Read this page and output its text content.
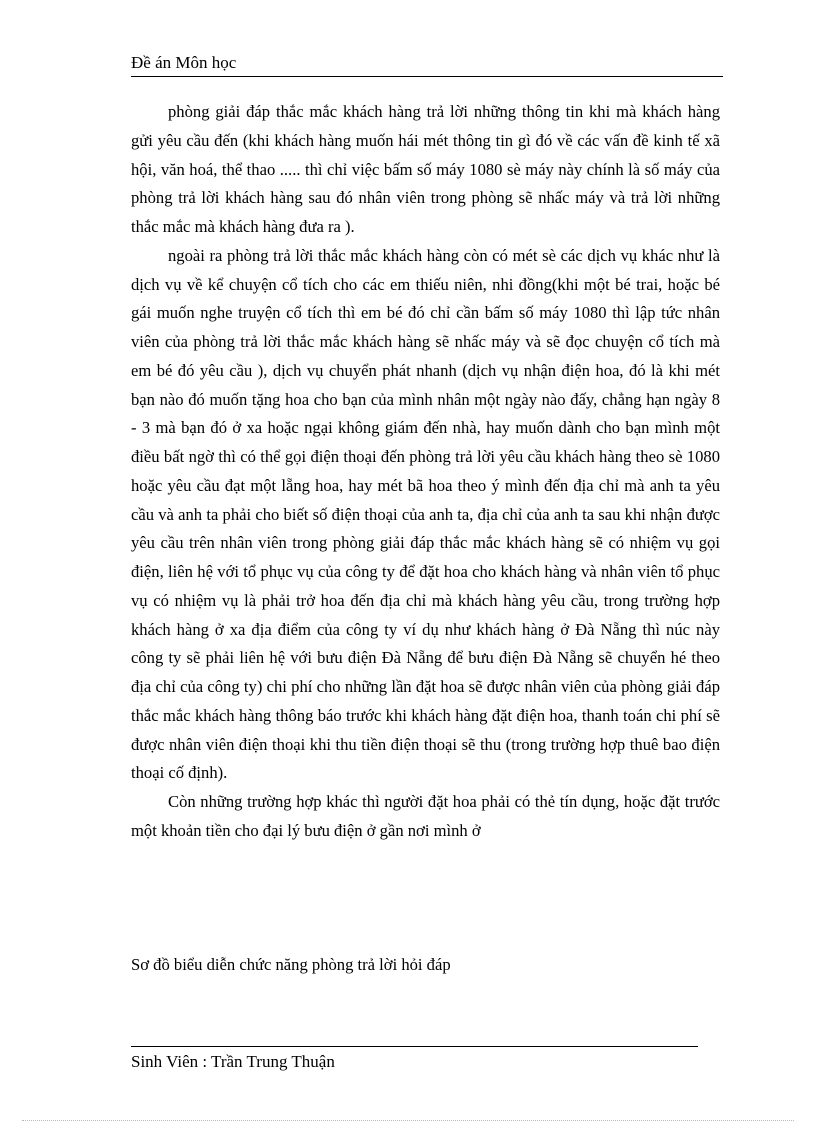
Đề án Môn học

phòng giải đáp thắc mắc khách hàng trả lời những thông tin khi mà khách hàng gửi yêu cầu đến (khi khách hàng muốn hái mét thông tin gì đó về các vấn đề kinh tế xã hội, văn hoá, thể thao ..... thì chỉ việc bấm số máy 1080 sè máy này chính là số máy của phòng trả lời khách hàng sau đó nhân viên trong phòng sẽ nhấc máy và trả lời những thắc mắc mà khách hàng đưa ra ).

ngoài ra phòng trả lời thắc mắc khách hàng còn có mét sè các dịch vụ khác như là dịch vụ về kể chuyện cổ tích cho các em thiếu niên, nhi đồng(khi một bé trai, hoặc bé gái muốn nghe truyện cổ tích thì em bé đó chỉ cần bấm số máy 1080 thì lập tức nhân viên của phòng trả lời thắc mắc khách hàng sẽ nhấc máy và sẽ đọc chuyện cổ tích mà em bé đó yêu cầu ), dịch vụ chuyển phát nhanh (dịch vụ nhận điện hoa, đó là khi mét bạn nào đó muốn tặng hoa cho bạn của mình nhân một ngày nào đấy, chẳng hạn ngày 8 - 3 mà bạn đó ở xa hoặc ngại không giám đến nhà, hay muốn dành cho bạn mình một điều bất ngờ thì có thể gọi điện thoại đến phòng trả lời yêu cầu khách hàng theo sè 1080 hoặc yêu cầu đạt một lẵng hoa, hay mét bã hoa theo ý mình đến địa chỉ mà anh ta yêu cầu và anh ta phải cho biết số điện thoại của anh ta, địa chỉ của anh ta sau khi nhận được yêu cầu trên nhân viên trong phòng giải đáp thắc mắc khách hàng sẽ có nhiệm vụ gọi điện, liên hệ với tổ phục vụ của công ty để đặt hoa cho khách hàng và nhân viên tổ phục vụ có nhiệm vụ là phải trở hoa đến địa chỉ mà khách hàng yêu cầu, trong trường hợp khách hàng ở xa địa điểm của công ty ví dụ như khách hàng ở Đà Nẵng thì núc này công ty sẽ phải liên hệ với bưu điện Đà Nẵng để bưu điện Đà Nẵng sẽ chuyển hé theo địa chỉ của công ty) chi phí cho những lần đặt hoa sẽ được nhân viên của phòng giải đáp thắc mắc khách hàng thông báo trước khi khách hàng đặt điện hoa, thanh toán chi phí sẽ được nhân viên điện thoại khi thu tiền điện thoại sẽ thu (trong trường hợp thuê bao điện thoại cố định).

Còn những trường hợp khác thì người đặt hoa phải có thẻ tín dụng, hoặc đặt trước một khoản tiền cho đại lý bưu điện ở gần nơi mình ở

Sơ đồ biểu diễn chức năng phòng trả lời hỏi đáp
Sinh Viên : Trần Trung Thuận
